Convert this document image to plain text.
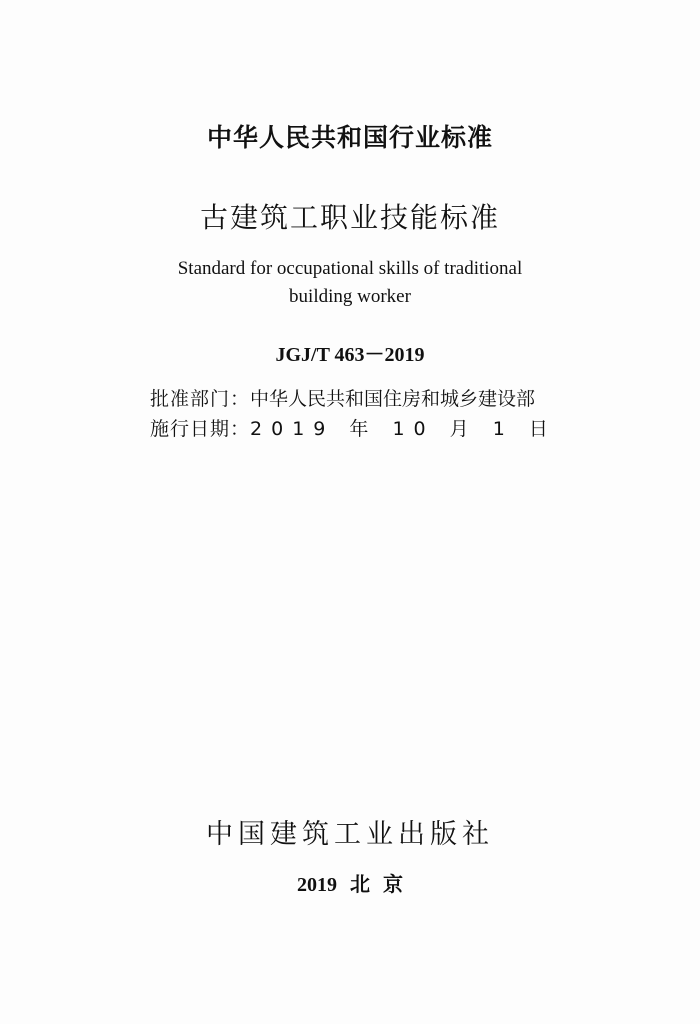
中华人民共和国行业标准
古建筑工职业技能标准
Standard for occupational skills of traditional
building worker
JGJ/T 463－2019
批准部门：中华人民共和国住房和城乡建设部
施行日期：2019 年 10 月 1 日
中国建筑工业出版社
2019 北 京
